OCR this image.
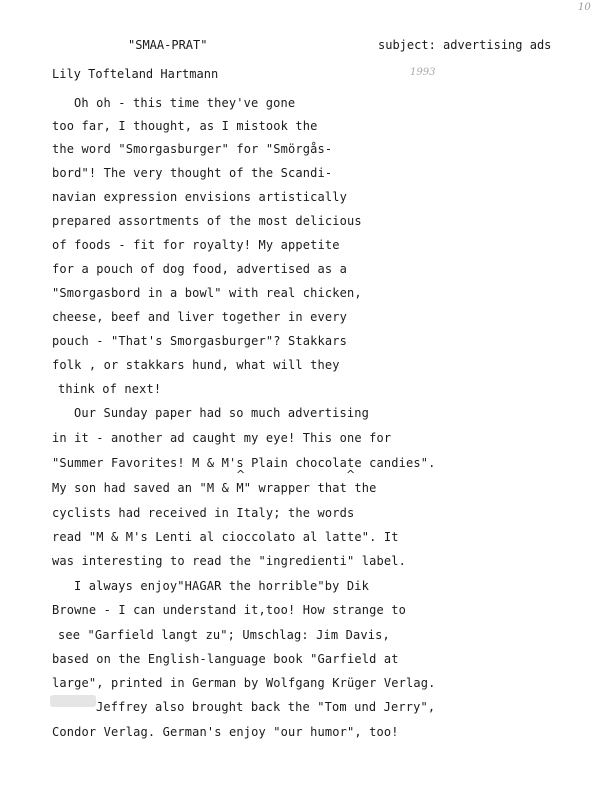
10
1993
"SMAA-PRAT"	subject: advertising ads
Lily Tofteland Hartmann
Oh oh - this time they've gone
too far, I thought, as I mistook the
the word "Smorgasburger" for "Smörgås-
bord"! The very thought of the Scandi-
navian expression envisions artistically
prepared assortments of the most delicious
of foods - fit for royalty! My appetite
for a pouch of dog food, advertised as a
"Smorgasbord in a bowl" with real chicken,
cheese, beef and liver together in every
pouch - "That's Smorgasburger"? Stakkars
folk , or stakkars hund, what will they
think of next!
Our Sunday paper had so much advertising
in it - another ad caught my eye! This one for
"Summer Favorites! M & M's Plain chocolate candies".
^	^
My son had saved an "M & M" wrapper that the
cyclists had received in Italy; the words
read "M & M's Lenti al cioccolato al latte". It
was interesting to read the "ingredienti" label.
I always enjoy"HAGAR the horrible"by Dik
Browne - I can understand it,too! How strange to
see "Garfield langt zu"; Umschlag: Jim Davis,
based on the English-language book "Garfield at
large", printed in German by Wolfgang Krüger Verlag.
Jeffrey also brought back the "Tom und Jerry",
Condor Verlag. German's enjoy "our humor", too!
